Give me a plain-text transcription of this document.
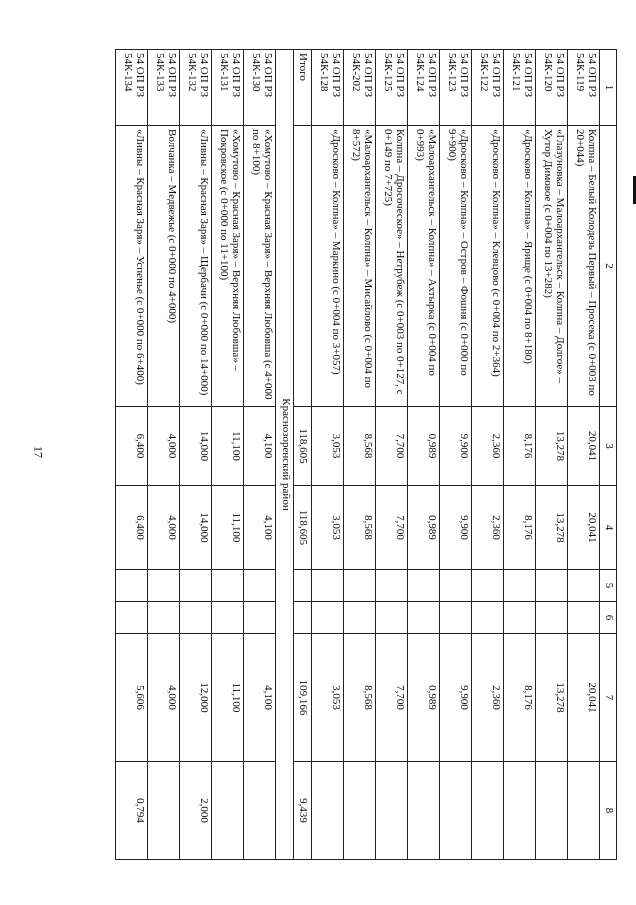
17
1	2	3	4	5	6	7	8
54 ОП РЗ 54К-119	Колпна – Белый Колодезь Первый – Просека (с 0+003 по 20+044)	20,041	20,041			20,041	
54 ОП РЗ 54К-120	«Глазуновка – Малоархангельск – Колпна – Долгое» – Хутор Димовое (с 0+004 по 13+282)	13,278	13,278			13,278	
54 ОП РЗ 54К-121	«Дросково – Колпна» – Ярище (с 0+004 по 8+180)	8,176	8,176			8,176	
54 ОП РЗ 54К-122	«Дросково – Колпна» – Клевцово (с 0+004 по 2+364)	2,360	2,360			2,360	
54 ОП РЗ 54К-123	«Дросково – Колпна» – Остров – Фошня (с 0+000 по 9+900)	9,900	9,900			9,900	
54 ОП РЗ 54К-124	«Малоархангельск – Колпна» – Ахтырка (с 0+004 по 0+993)	0,989	0,989			0,989	
54 ОП РЗ 54К-125	Колпна – Дросоческое» – Нетрубеж (с 0+003 по 0+127, с 0+149 по 7+725)	7,700	7,700			7,700	
54 ОП РЗ 54К-202	«Малоархангельск – Колпна» – Мисайлово (с 0+004 по 8+572)	8,568	8,568			8,568	
54 ОП РЗ 54К-128	«Дросково – Колпна» – Маркино (с 0+004 по 3+057)	3,053	3,053			3,053	
Итого		118,605	118,605			109,166	9,439
Краснозоренский район							
54 ОП РЗ 54К-130	«Хомутово – Красная Заря» – Верхняя Любовша (с 4+000 по 8+100)	4,100	4,100			4,100	
54 ОП РЗ 54К-131	«Хомутово – Красная Заря» – Верхняя Любовша» – Покровское (с 0+000 по 11+100)	11,100	11,100			11,100	
54 ОП РЗ 54К-132	«Ливны – Красная Заря» – Щербачи (с 0+000 по 14+000)	14,000	14,000			12,000	2,000
54 ОП РЗ 54К-133	Волчанка – Медвежье (с 0+000 по 4+000)	4,000	4,000			4,000	
54 ОП РЗ 54К-134	«Ливны – Красная Заря» – Успенье (с 0+000 по 6+400)	6,400	6,400			5,606	0,794
